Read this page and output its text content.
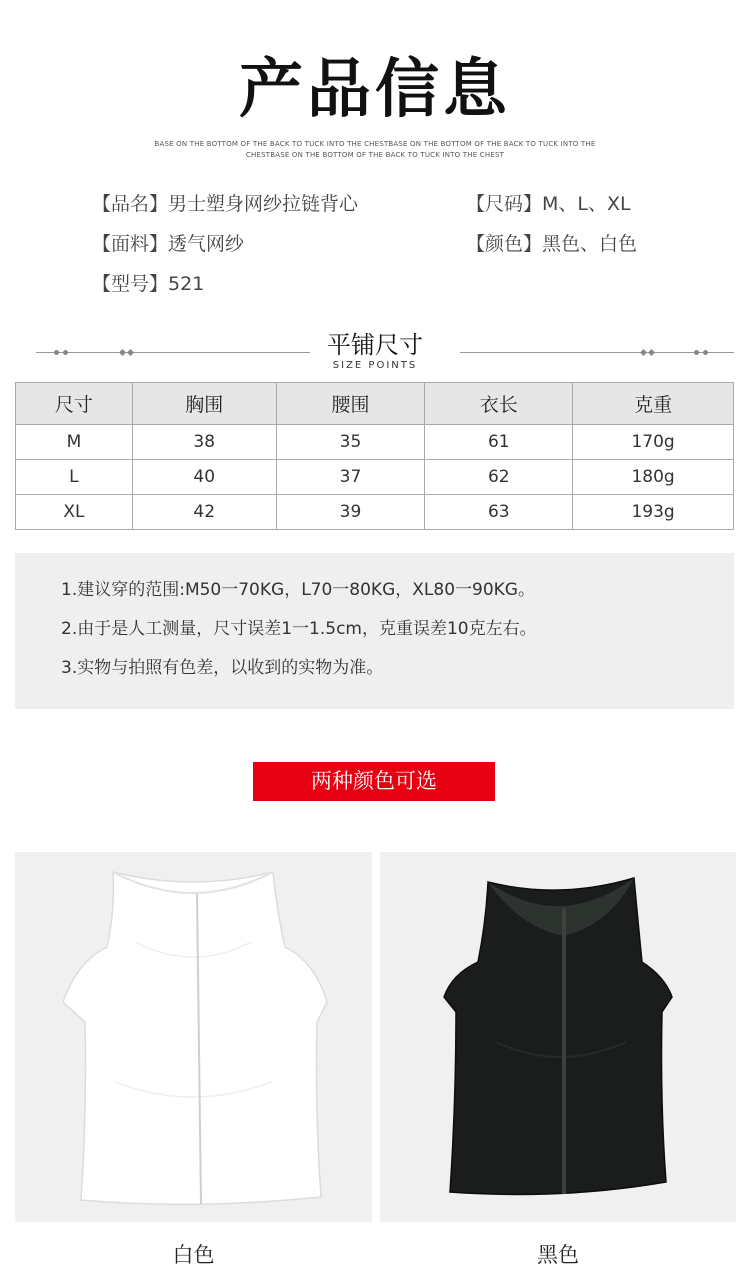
产品信息
BASE ON THE BOTTOM OF THE BACK TO TUCK INTO THE CHESTBASE ON THE BOTTOM OF THE BACK TO TUCK INTO THE
CHESTBASE ON THE BOTTOM OF THE BACK TO TUCK INTO THE CHEST
【品名】男士塑身网纱拉链背心	【尺码】M、L、XL
【面料】透气网纱	【颜色】黑色、白色
【型号】521
平铺尺寸
SIZE POINTS
尺寸	胸围	腰围	衣长	克重
M	38	35	61	170g
L	40	37	62	180g
XL	42	39	63	193g
1.建议穿的范围:M50一70KG，L70一80KG，XL80一90KG。
2.由于是人工测量，尺寸误差1一1.5cm，克重误差10克左右。
3.实物与拍照有色差，以收到的实物为准。
两种颜色可选
白色	黑色
